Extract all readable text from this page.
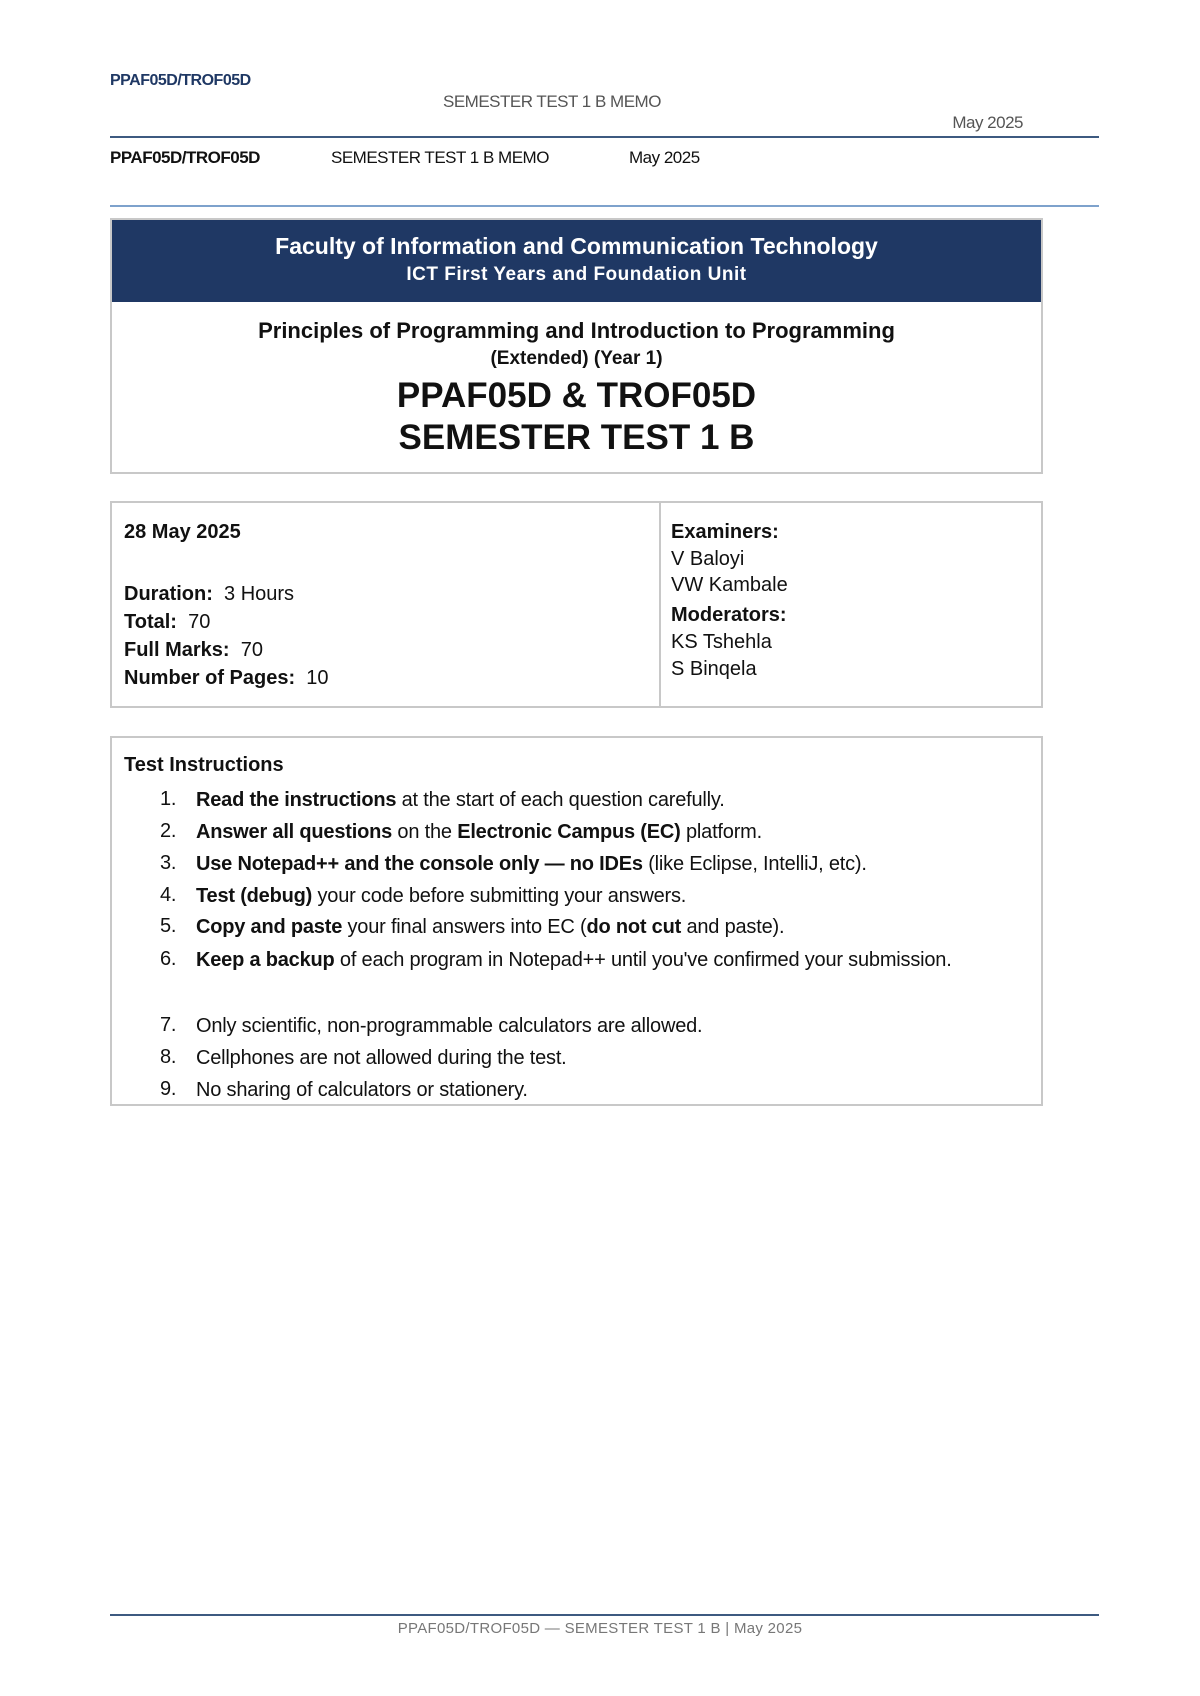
PPAF05D/TROF05D
SEMESTER TEST 1 B MEMO
May 2025
PPAF05D/TROF05D	SEMESTER TEST 1 B MEMO	May 2025
Faculty of Information and Communication Technology
ICT First Years and Foundation Unit
Principles of Programming and Introduction to Programming
(Extended) (Year 1)
PPAF05D & TROF05D
SEMESTER TEST 1 B
28 May 2025
Duration: 3 Hours
Total: 70
Full Marks: 70
Number of Pages: 10
Examiners:
V Baloyi
VW Kambale
Moderators:
KS Tshehla
S Binqela
Test Instructions
1. Read the instructions at the start of each question carefully.
2. Answer all questions on the Electronic Campus (EC) platform.
3. Use Notepad++ and the console only — no IDEs (like Eclipse, IntelliJ, etc).
4. Test (debug) your code before submitting your answers.
5. Copy and paste your final answers into EC (do not cut and paste).
6. Keep a backup of each program in Notepad++ until you've confirmed your submission.
7. Only scientific, non-programmable calculators are allowed.
8. Cellphones are not allowed during the test.
9. No sharing of calculators or stationery.
PPAF05D/TROF05D — SEMESTER TEST 1 B | May 2025
